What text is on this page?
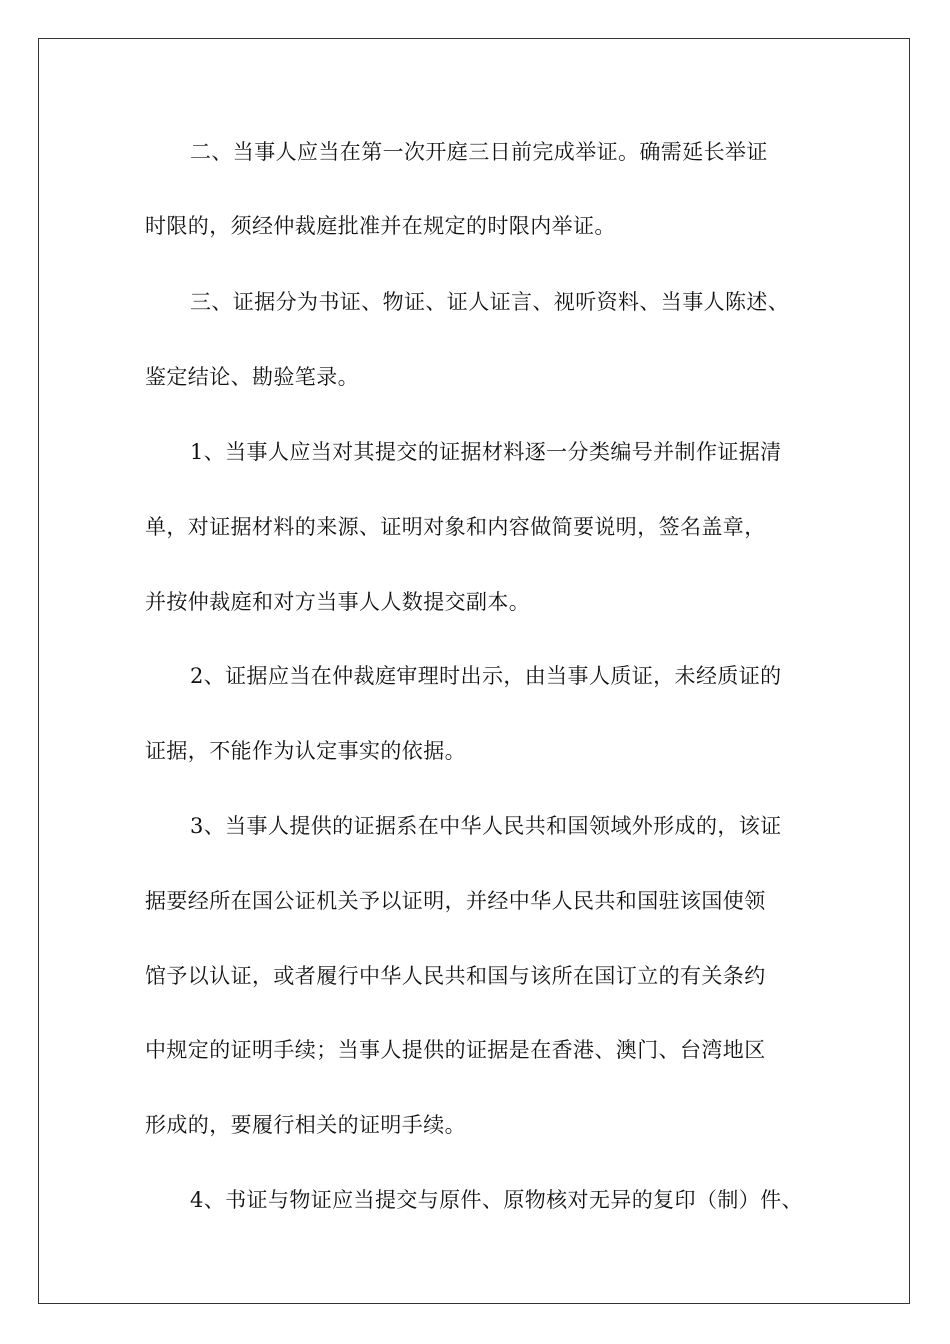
二、当事人应当在第一次开庭三日前完成举证。确需延长举证
时限的，须经仲裁庭批准并在规定的时限内举证。
三、证据分为书证、物证、证人证言、视听资料、当事人陈述、
鉴定结论、勘验笔录。
1、当事人应当对其提交的证据材料逐一分类编号并制作证据清
单，对证据材料的来源、证明对象和内容做简要说明，签名盖章，
并按仲裁庭和对方当事人人数提交副本。
2、证据应当在仲裁庭审理时出示，由当事人质证，未经质证的
证据，不能作为认定事实的依据。
3、当事人提供的证据系在中华人民共和国领域外形成的，该证
据要经所在国公证机关予以证明，并经中华人民共和国驻该国使领
馆予以认证，或者履行中华人民共和国与该所在国订立的有关条约
中规定的证明手续；当事人提供的证据是在香港、澳门、台湾地区
形成的，要履行相关的证明手续。
4、书证与物证应当提交与原件、原物核对无异的复印（制）件、
